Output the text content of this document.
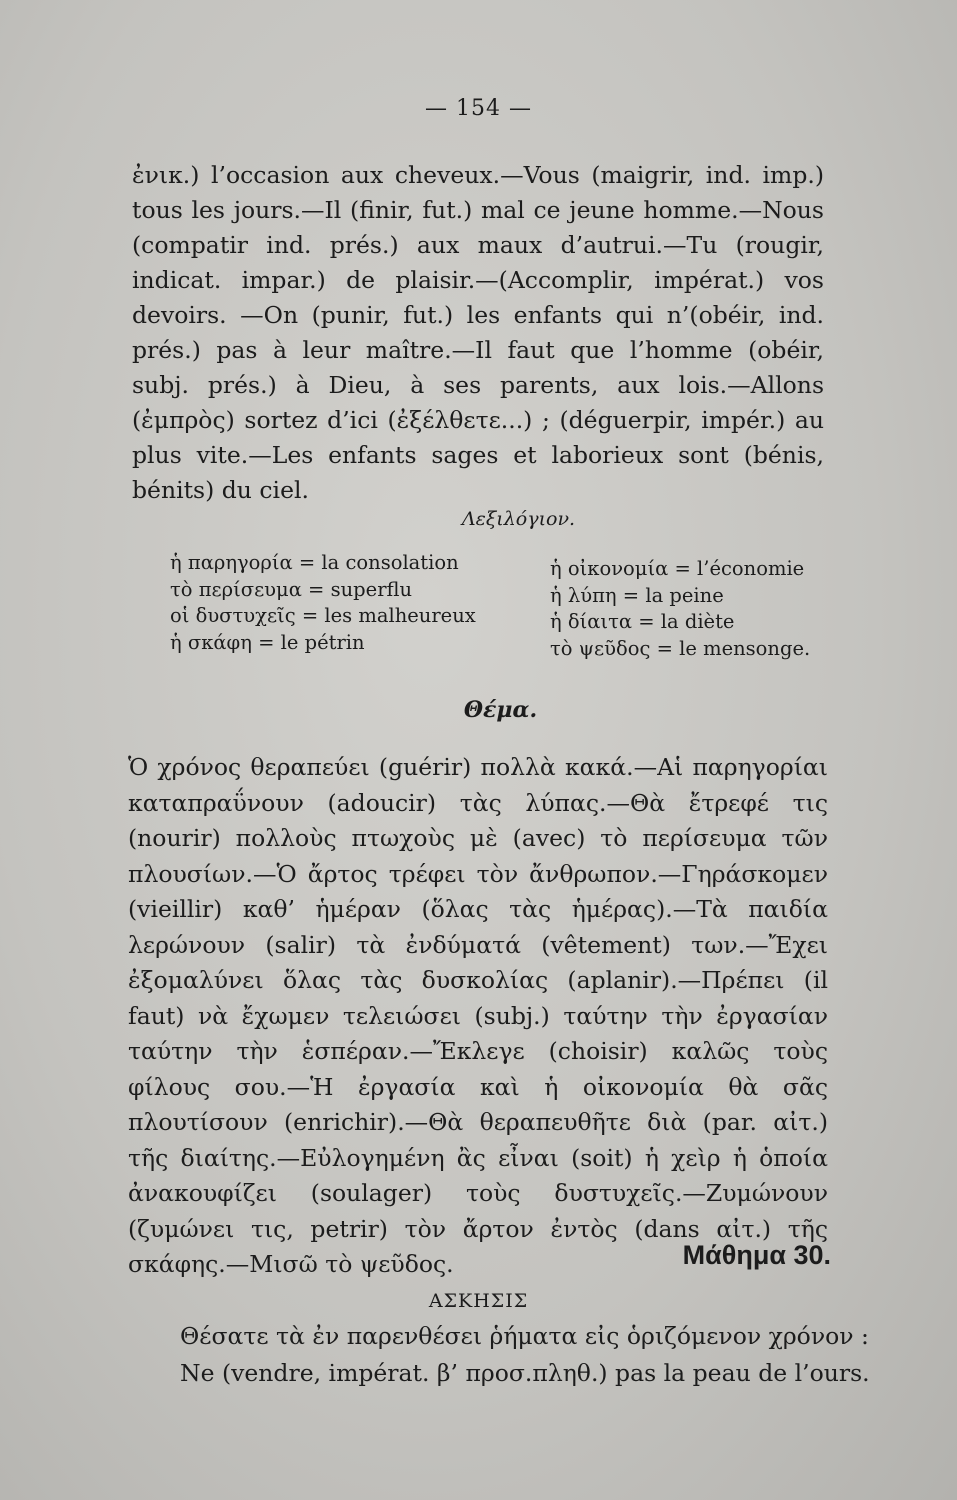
— 154 —

ἐνικ.) l’occasion aux cheveux.—Vous (maigrir, ind. imp.) tous les jours.—Il (finir, fut.) mal ce jeune homme.—Nous (compatir ind. prés.) aux maux d’autrui.—Tu (rougir, indicat. impar.) de plaisir.—(Accomplir, impérat.) vos devoirs. —On (punir, fut.) les enfants qui n’(obéir, ind. prés.) pas à leur maître.—Il faut que l’homme (obéir, subj. prés.) à Dieu, à ses parents, aux lois.—Allons (ἐμπρὸς) sortez d’ici (ἐξέλθετε...) ; (déguerpir, impér.) au plus vite.—Les enfants sages et laborieux sont (bénis, bénits) du ciel.

Λεξιλόγιον.
ἡ παρηγορία = la consolation
τὸ περίσευμα = superflu
οἱ δυστυχεῖς = les malheureux
ἡ σκάφη = le pétrin
ἡ οἰκονομία = l’économie
ἡ λύπη = la peine
ἡ δίαιτα = la diète
τὸ ψεῦδος = le mensonge.
Θέμα.

Ὁ χρόνος θεραπεύει (guérir) πολλὰ κακά.—Αἱ παρηγορίαι καταπραΰνουν (adoucir) τὰς λύπας.—Θὰ ἔτρεφέ τις (nourir) πολλοὺς πτωχοὺς μὲ (avec) τὸ περίσευμα τῶν πλουσίων.—Ὁ ἄρτος τρέφει τὸν ἄνθρωπον.—Γηράσκομεν (vieillir) καθ’ ἡμέραν (ὅλας τὰς ἡμέρας).—Τὰ παιδία λερώνουν (salir) τὰ ἐνδύματά (vêtement) των.—Ἔχει ἐξομαλύνει ὅλας τὰς δυσκολίας (aplanir).—Πρέπει (il faut) νὰ ἔχωμεν τελειώσει (subj.) ταύτην τὴν ἐργασίαν ταύτην τὴν ἑσπέραν.—Ἔκλεγε (choisir) καλῶς τοὺς φίλους σου.—Ἡ ἐργασία καὶ ἡ οἰκονομία θὰ σᾶς πλουτίσουν (enrichir).—Θὰ θεραπευθῆτε διὰ (par. αἰτ.) τῆς διαίτης.—Εὐλογημένη ἂς εἶναι (soit) ἡ χεὶρ ἡ ὁποία ἀνακουφίζει (soulager) τοὺς δυστυχεῖς.—Ζυμώνουν (ζυμώνει τις, petrir) τὸν ἄρτον ἐντὸς (dans αἰτ.) τῆς σκάφης.—Μισῶ τὸ ψεῦδος.	Μάθημα 30.
ΑΣΚΗΣΙΣ
Θέσατε τὰ ἐν παρενθέσει ῥήματα εἰς ὁριζόμενον χρόνον :
Ne (vendre, impérat. β’ προσ.πληθ.) pas la peau de l’ours.
